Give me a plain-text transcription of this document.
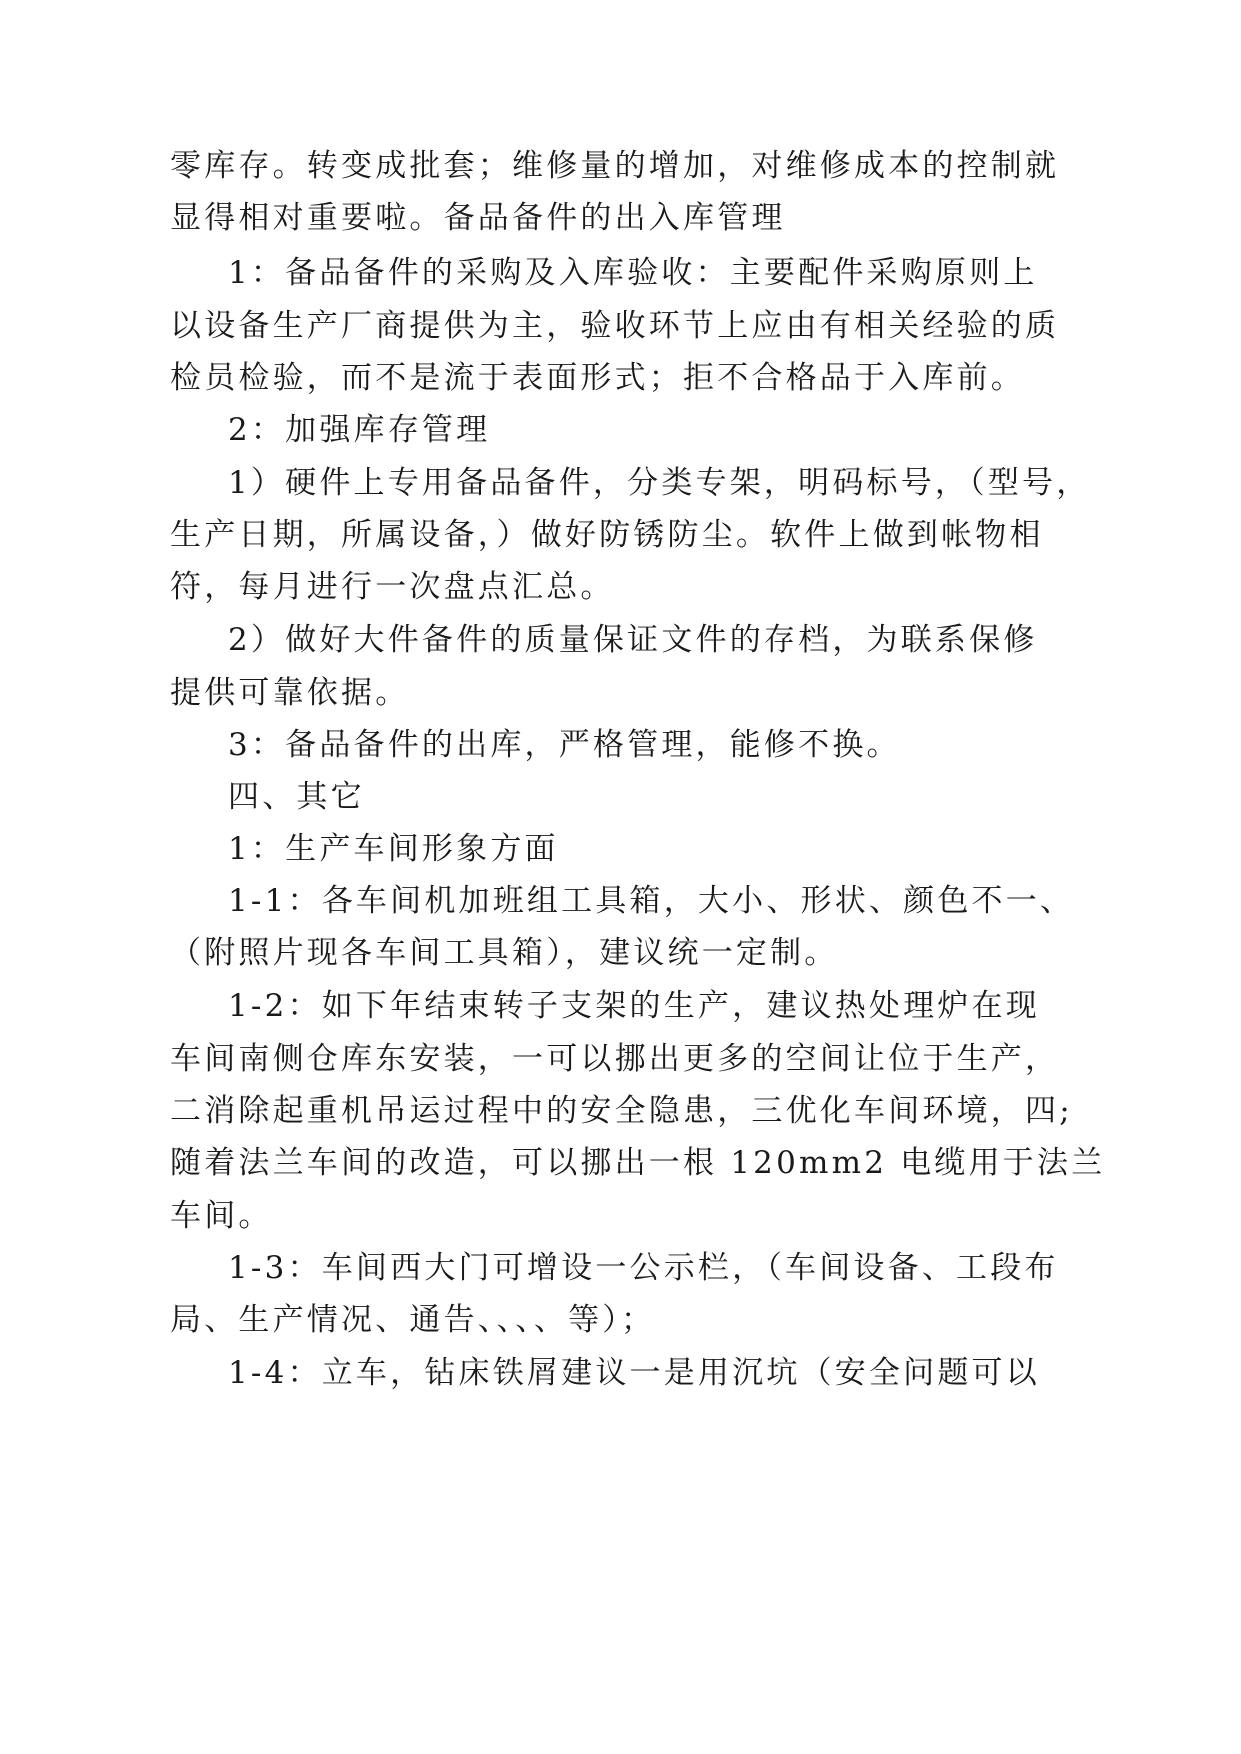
零库存。转变成批套；维修量的增加，对维修成本的控制就
显得相对重要啦。备品备件的出入库管理
1：备品备件的采购及入库验收：主要配件采购原则上
以设备生产厂商提供为主，验收环节上应由有相关经验的质
检员检验，而不是流于表面形式；拒不合格品于入库前。
2：加强库存管理
1）硬件上专用备品备件，分类专架，明码标号，（型号，
生产日期，所属设备，）做好防锈防尘。软件上做到帐物相
符，每月进行一次盘点汇总。
2）做好大件备件的质量保证文件的存档，为联系保修
提供可靠依据。
3：备品备件的出库，严格管理，能修不换。
四、其它
1：生产车间形象方面
1-1：各车间机加班组工具箱，大小、形状、颜色不一、
（附照片现各车间工具箱），建议统一定制。
1-2：如下年结束转子支架的生产，建议热处理炉在现
车间南侧仓库东安装，一可以挪出更多的空间让位于生产，
二消除起重机吊运过程中的安全隐患，三优化车间环境，四;
随着法兰车间的改造，可以挪出一根 120mm2 电缆用于法兰
车间。
1-3：车间西大门可增设一公示栏，（车间设备、工段布
局、生产情况、通告、、、、等）；
1-4：立车，钻床铁屑建议一是用沉坑（安全问题可以
